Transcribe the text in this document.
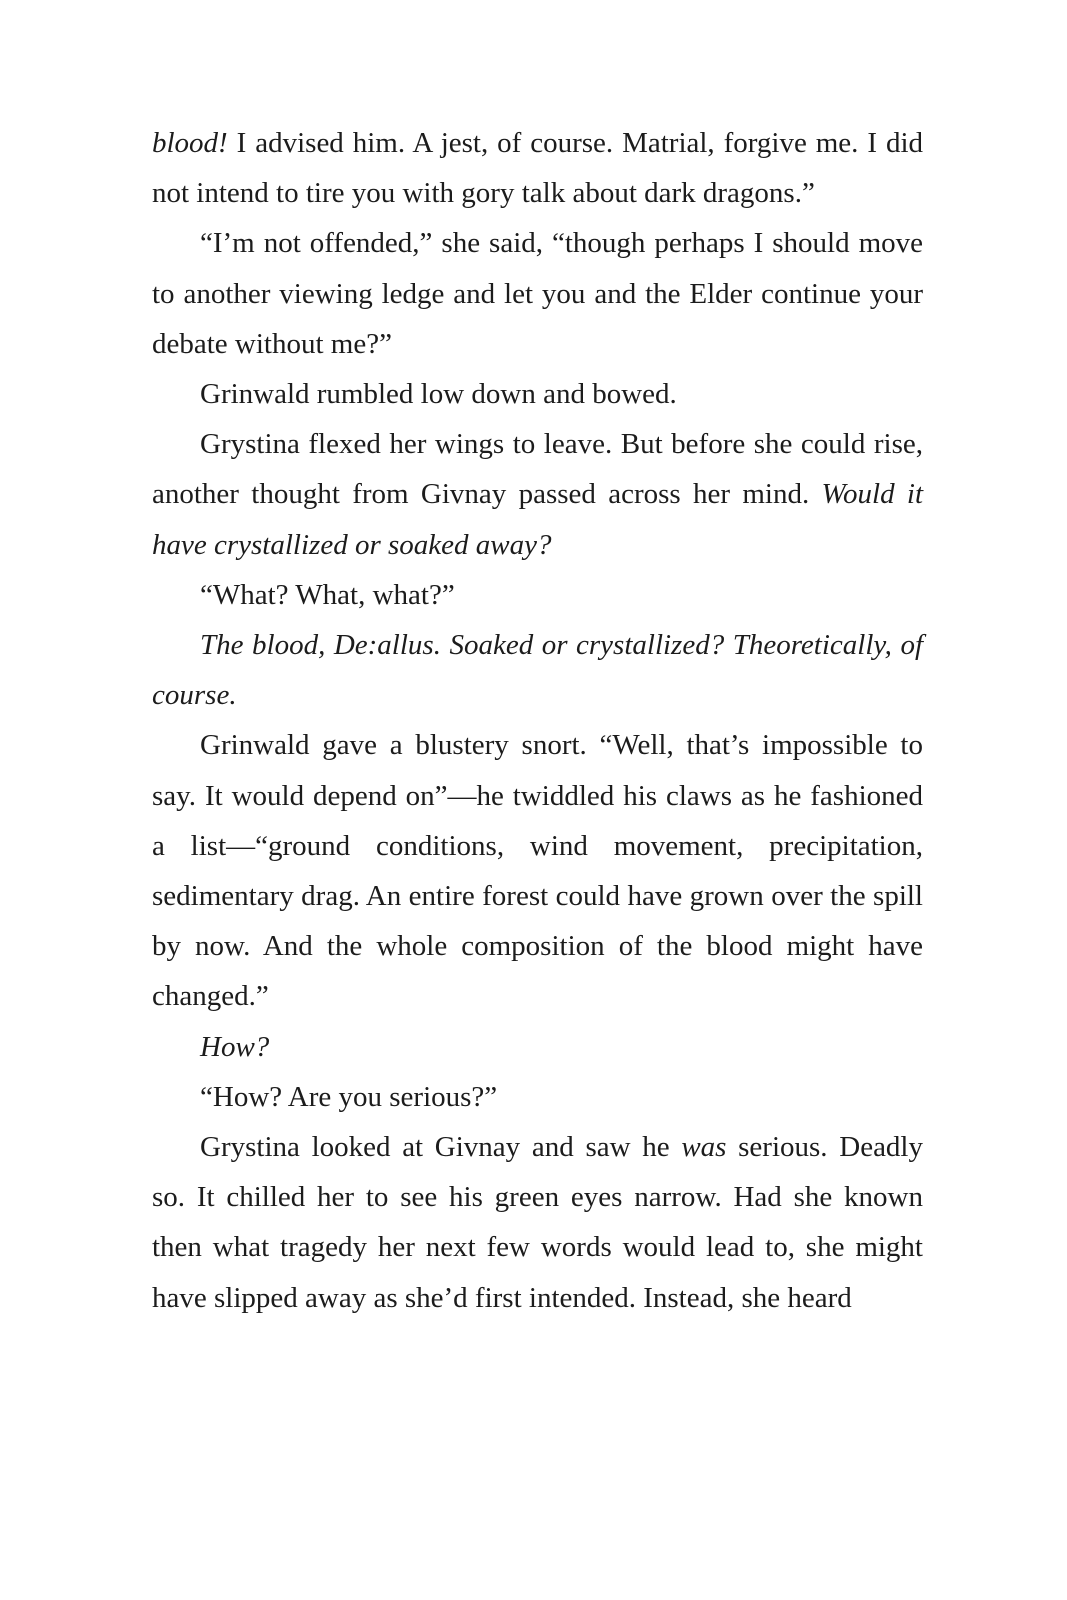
blood! I advised him. A jest, of course. Matrial, forgive me. I did not intend to tire you with gory talk about dark dragons.”

“I’m not offended,” she said, “though perhaps I should move to another viewing ledge and let you and the Elder continue your debate without me?”

Grinwald rumbled low down and bowed.

Grystina flexed her wings to leave. But before she could rise, another thought from Givnay passed across her mind. Would it have crystallized or soaked away?

“What? What, what?”

The blood, De:allus. Soaked or crystallized? Theoretically, of course.

Grinwald gave a blustery snort. “Well, that’s impossible to say. It would depend on”—he twiddled his claws as he fashioned a list—“ground conditions, wind movement, precipitation, sedimentary drag. An entire forest could have grown over the spill by now. And the whole composition of the blood might have changed.”

How?

“How? Are you serious?”

Grystina looked at Givnay and saw he was serious. Deadly so. It chilled her to see his green eyes narrow. Had she known then what tragedy her next few words would lead to, she might have slipped away as she’d first intended. Instead, she heard
